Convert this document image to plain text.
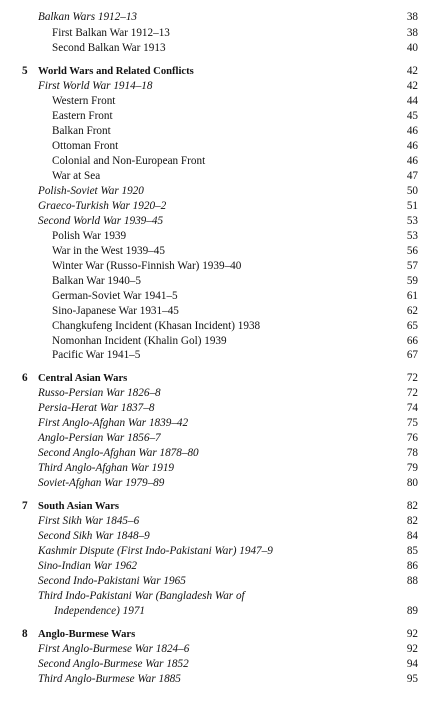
Balkan Wars 1912–13	38
First Balkan War 1912–13	38
Second Balkan War 1913	40
5 World Wars and Related Conflicts	42
First World War 1914–18	42
Western Front	44
Eastern Front	45
Balkan Front	46
Ottoman Front	46
Colonial and Non-European Front	46
War at Sea	47
Polish-Soviet War 1920	50
Graeco-Turkish War 1920–2	51
Second World War 1939–45	53
Polish War 1939	53
War in the West 1939–45	56
Winter War (Russo-Finnish War) 1939–40	57
Balkan War 1940–5	59
German-Soviet War 1941–5	61
Sino-Japanese War 1931–45	62
Changkufeng Incident (Khasan Incident) 1938	65
Nomonhan Incident (Khalin Gol) 1939	66
Pacific War 1941–5	67
6 Central Asian Wars	72
Russo-Persian War 1826–8	72
Persia-Herat War 1837–8	74
First Anglo-Afghan War 1839–42	75
Anglo-Persian War 1856–7	76
Second Anglo-Afghan War 1878–80	78
Third Anglo-Afghan War 1919	79
Soviet-Afghan War 1979–89	80
7 South Asian Wars	82
First Sikh War 1845–6	82
Second Sikh War 1848–9	84
Kashmir Dispute (First Indo-Pakistani War) 1947–9	85
Sino-Indian War 1962	86
Second Indo-Pakistani War 1965	88
Third Indo-Pakistani War (Bangladesh War of
Independence) 1971	89
8 Anglo-Burmese Wars	92
First Anglo-Burmese War 1824–6	92
Second Anglo-Burmese War 1852	94
Third Anglo-Burmese War 1885	95
